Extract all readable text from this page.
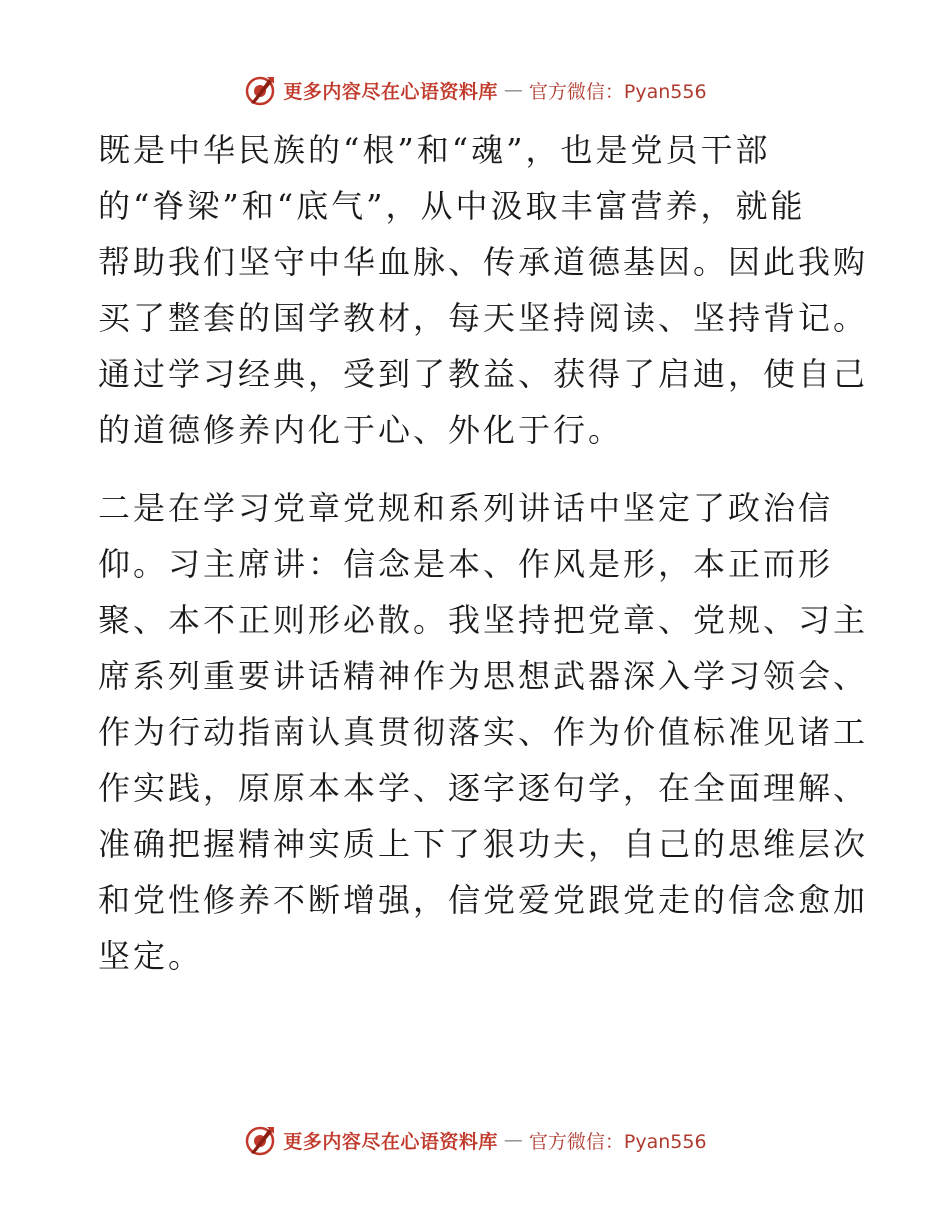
更多内容尽在心语资料库 — 官方微信：Pyan556

既是中华民族的“根”和“魂”，也是党员干部
的“脊梁”和“底气”，从中汲取丰富营养，就能
帮助我们坚守中华血脉、传承道德基因。因此我购
买了整套的国学教材，每天坚持阅读、坚持背记。
通过学习经典，受到了教益、获得了启迪，使自己
的道德修养内化于心、外化于行。

二是在学习党章党规和系列讲话中坚定了政治信
仰。习主席讲：信念是本、作风是形，本正而形
聚、本不正则形必散。我坚持把党章、党规、习主
席系列重要讲话精神作为思想武器深入学习领会、
作为行动指南认真贯彻落实、作为价值标准见诸工
作实践，原原本本学、逐字逐句学，在全面理解、
准确把握精神实质上下了狠功夫，自己的思维层次
和党性修养不断增强，信党爱党跟党走的信念愈加
坚定。

更多内容尽在心语资料库 — 官方微信：Pyan556
